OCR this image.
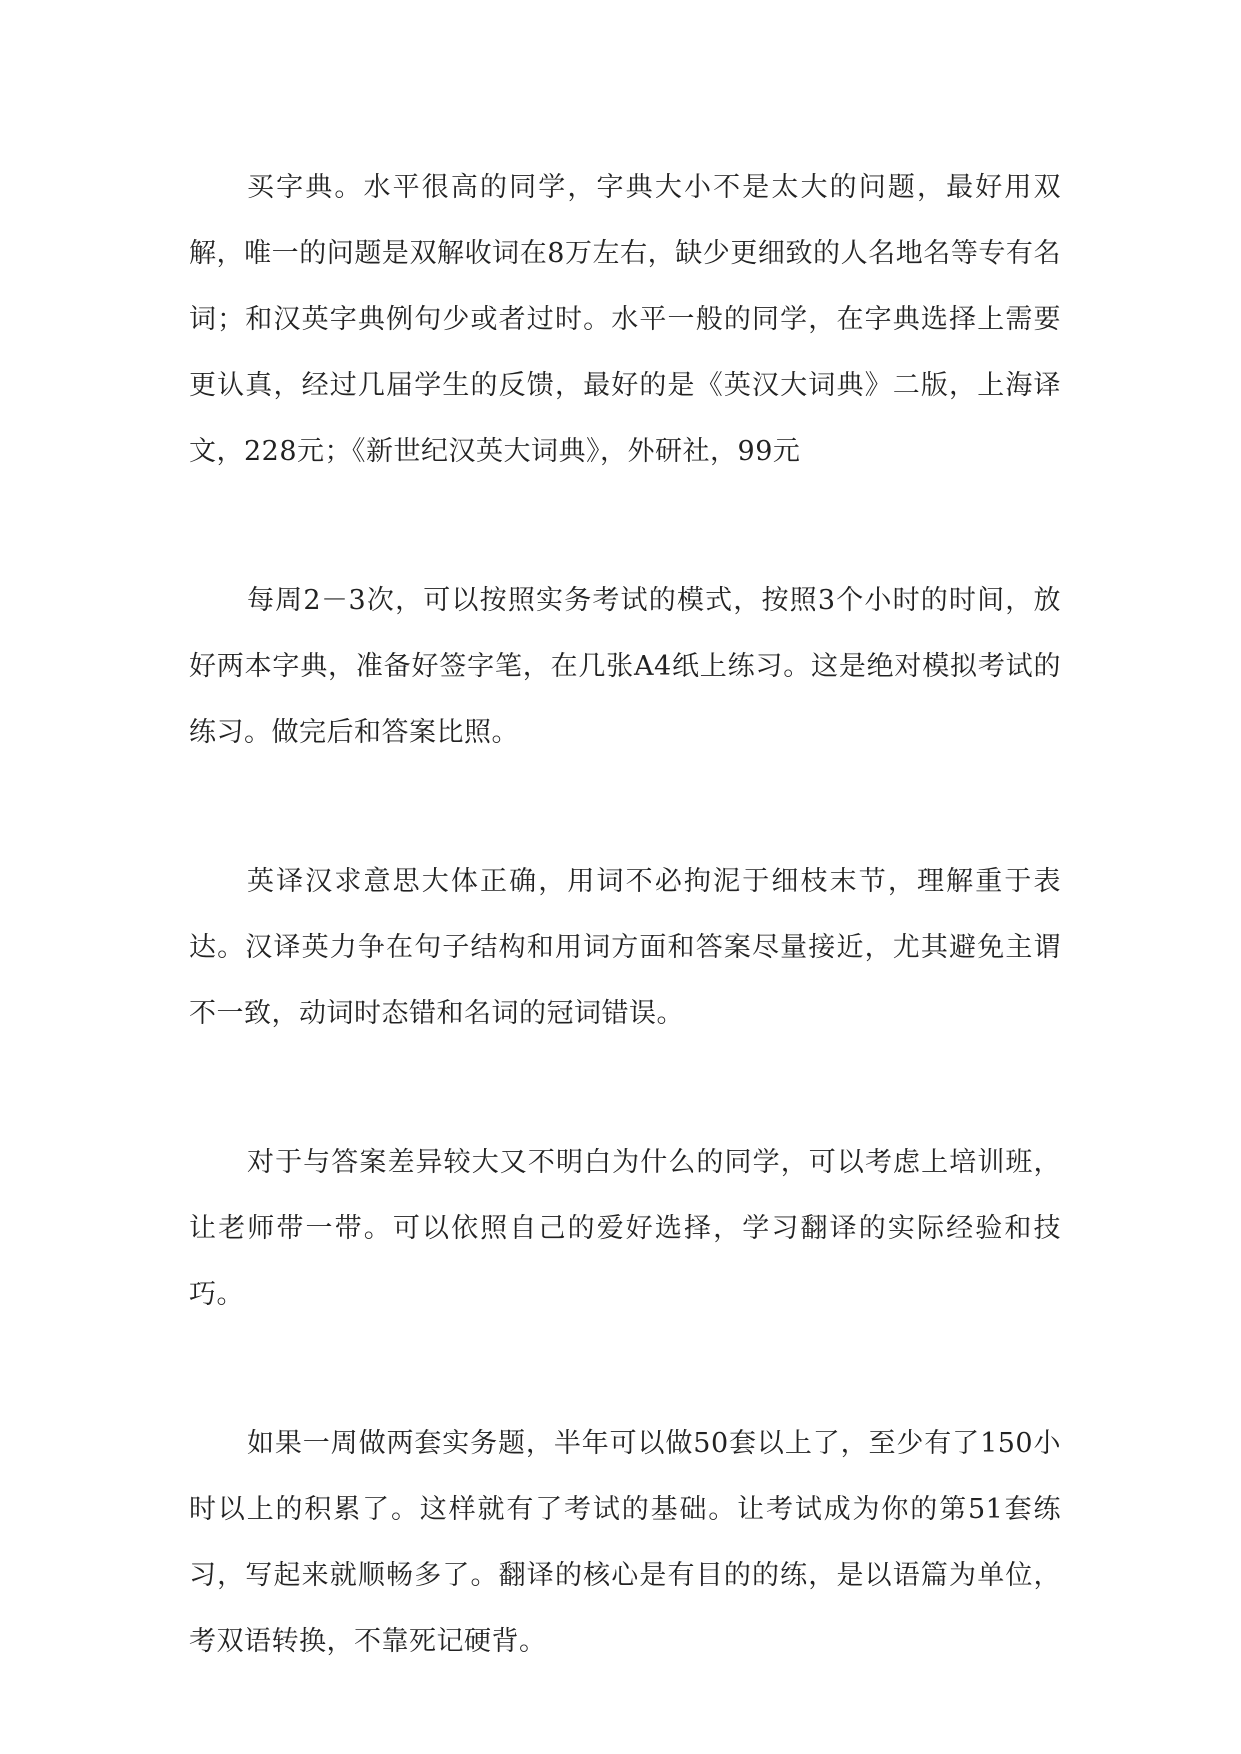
买字典。水平很高的同学，字典大小不是太大的问题，最好用双解，唯一的问题是双解收词在8万左右，缺少更细致的人名地名等专有名词；和汉英字典例句少或者过时。水平一般的同学，在字典选择上需要更认真，经过几届学生的反馈，最好的是《英汉大词典》二版，上海译文，228元；《新世纪汉英大词典》，外研社，99元

每周2－3次，可以按照实务考试的模式，按照3个小时的时间，放好两本字典，准备好签字笔，在几张A4纸上练习。这是绝对模拟考试的练习。做完后和答案比照。

英译汉求意思大体正确，用词不必拘泥于细枝末节，理解重于表达。汉译英力争在句子结构和用词方面和答案尽量接近，尤其避免主谓不一致，动词时态错和名词的冠词错误。

对于与答案差异较大又不明白为什么的同学，可以考虑上培训班，让老师带一带。可以依照自己的爱好选择，学习翻译的实际经验和技巧。

如果一周做两套实务题，半年可以做50套以上了，至少有了150小时以上的积累了。这样就有了考试的基础。让考试成为你的第51套练习，写起来就顺畅多了。翻译的核心是有目的的练，是以语篇为单位，考双语转换，不靠死记硬背。
